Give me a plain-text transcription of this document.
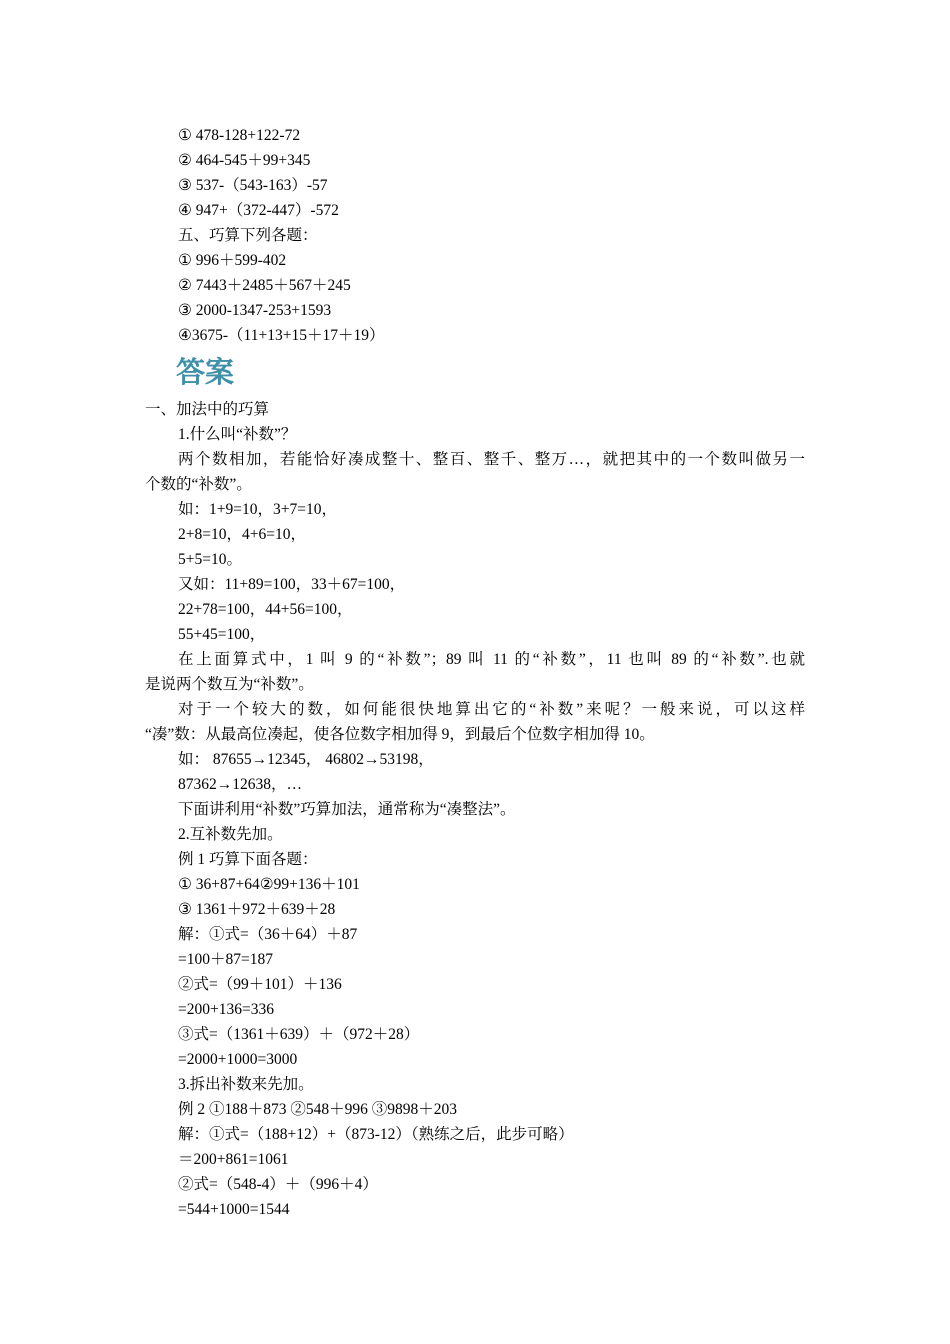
① 478-128+122-72
② 464-545＋99+345
③ 537-（543-163）-57
④ 947+（372-447）-572
五、巧算下列各题：
① 996＋599-402
② 7443＋2485＋567＋245
③ 2000-1347-253+1593
④3675-（11+13+15＋17＋19）
答案
一、加法中的巧算
1.什么叫“补数”？
两个数相加，若能恰好凑成整十、整百、整千、整万…，就把其中的一个数叫做另一
个数的“补数”。
如：1+9=10，3+7=10，
2+8=10，4+6=10，
5+5=10。
又如：11+89=100，33＋67=100，
22+78=100，44+56=100，
55+45=100，
在上面算式中，1 叫 9 的“补数”；89 叫 11 的“补数”，11 也叫 89 的“补数”.也就
是说两个数互为“补数”。
对于一个较大的数，如何能很快地算出它的“补数”来呢？一般来说，可以这样
“凑”数：从最高位凑起，使各位数字相加得 9，到最后个位数字相加得 10。
如： 87655→12345， 46802→53198，
87362→12638，…
下面讲利用“补数”巧算加法，通常称为“凑整法”。
2.互补数先加。
例 1 巧算下面各题：
① 36+87+64②99+136＋101
③ 1361＋972＋639＋28
解：①式=（36＋64）＋87
=100＋87=187
②式=（99＋101）＋136
=200+136=336
③式=（1361＋639）＋（972＋28）
=2000+1000=3000
3.拆出补数来先加。
例 2 ①188＋873 ②548＋996 ③9898＋203
解：①式=（188+12）+（873-12）（熟练之后，此步可略）
＝200+861=1061
②式=（548-4）＋（996＋4）
=544+1000=1544
